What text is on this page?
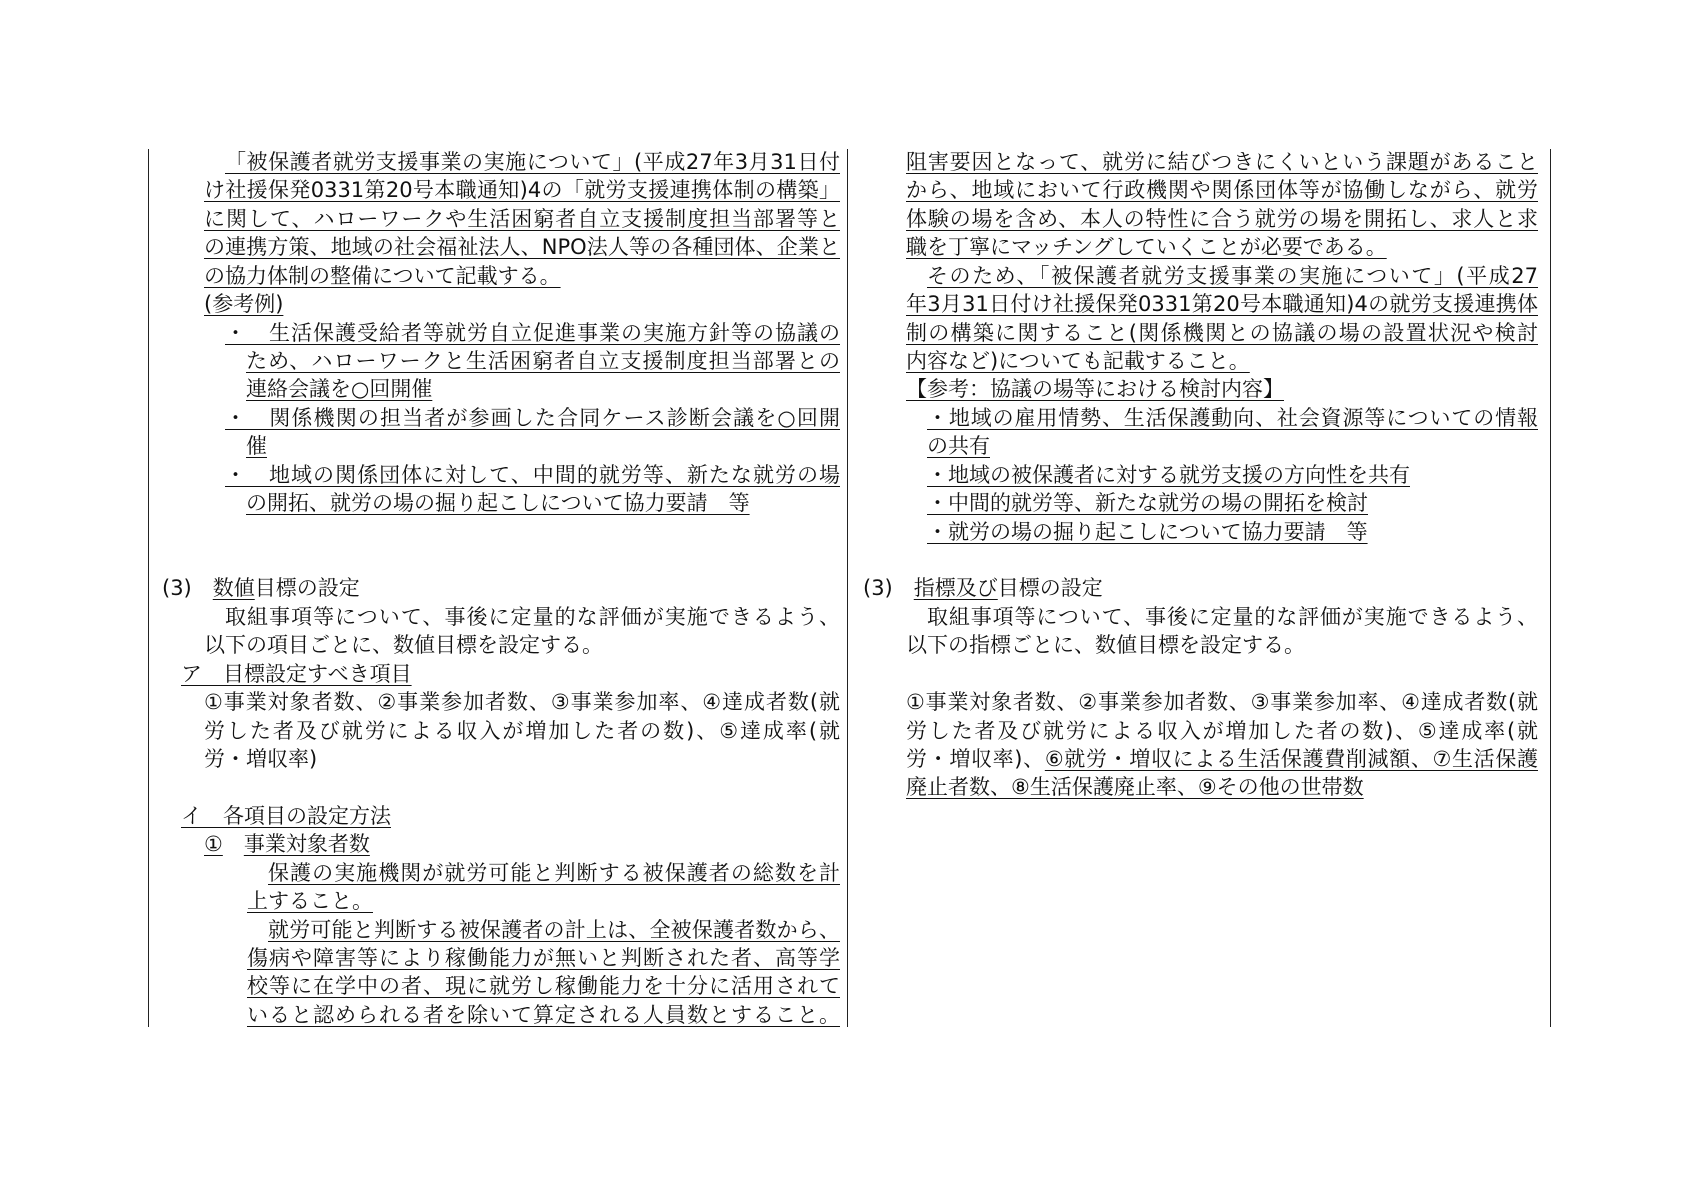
「被保護者就労支援事業の実施について」(平成27年3月31日付
け社援保発0331第20号本職通知)4の「就労支援連携体制の構築」
に関して、ハローワークや生活困窮者自立支援制度担当部署等と
の連携方策、地域の社会福祉法人、NPO法人等の各種団体、企業と
の協力体制の整備について記載する。
(参考例)
・　生活保護受給者等就労自立促進事業の実施方針等の協議の
ため、ハローワークと生活困窮者自立支援制度担当部署との
連絡会議を○回開催
・　関係機関の担当者が参画した合同ケース診断会議を○回開
催
・　地域の関係団体に対して、中間的就労等、新たな就労の場
の開拓、就労の場の掘り起こしについて協力要請　等
(3)　数値目標の設定
取組事項等について、事後に定量的な評価が実施できるよう、
以下の項目ごとに、数値目標を設定する。
ア　目標設定すべき項目
①事業対象者数、②事業参加者数、③事業参加率、④達成者数(就
労した者及び就労による収入が増加した者の数)、⑤達成率(就
労・増収率)
イ　各項目の設定方法
①　 事業対象者数
保護の実施機関が就労可能と判断する被保護者の総数を計
上すること。
就労可能と判断する被保護者の計上は、全被保護者数から、
傷病や障害等により稼働能力が無いと判断された者、高等学
校等に在学中の者、現に就労し稼働能力を十分に活用されて
いると認められる者を除いて算定される人員数とすること。
阻害要因となって、就労に結びつきにくいという課題があること
から、地域において行政機関や関係団体等が協働しながら、就労
体験の場を含め、本人の特性に合う就労の場を開拓し、求人と求
職を丁寧にマッチングしていくことが必要である。
そのため、「被保護者就労支援事業の実施について」(平成27
年3月31日付け社援保発0331第20号本職通知)4の就労支援連携体
制の構築に関すること(関係機関との協議の場の設置状況や検討
内容など)についても記載すること。
【参考：協議の場等における検討内容】
・地域の雇用情勢、生活保護動向、社会資源等についての情報
の共有
・地域の被保護者に対する就労支援の方向性を共有
・中間的就労等、新たな就労の場の開拓を検討
・就労の場の掘り起こしについて協力要請　等
(3)　指標及び目標の設定
取組事項等について、事後に定量的な評価が実施できるよう、
以下の指標ごとに、数値目標を設定する。
①事業対象者数、②事業参加者数、③事業参加率、④達成者数(就
労した者及び就労による収入が増加した者の数)、⑤達成率(就
労・増収率)、⑥就労・増収による生活保護費削減額、⑦生活保護
廃止者数、⑧生活保護廃止率、⑨その他の世帯数
